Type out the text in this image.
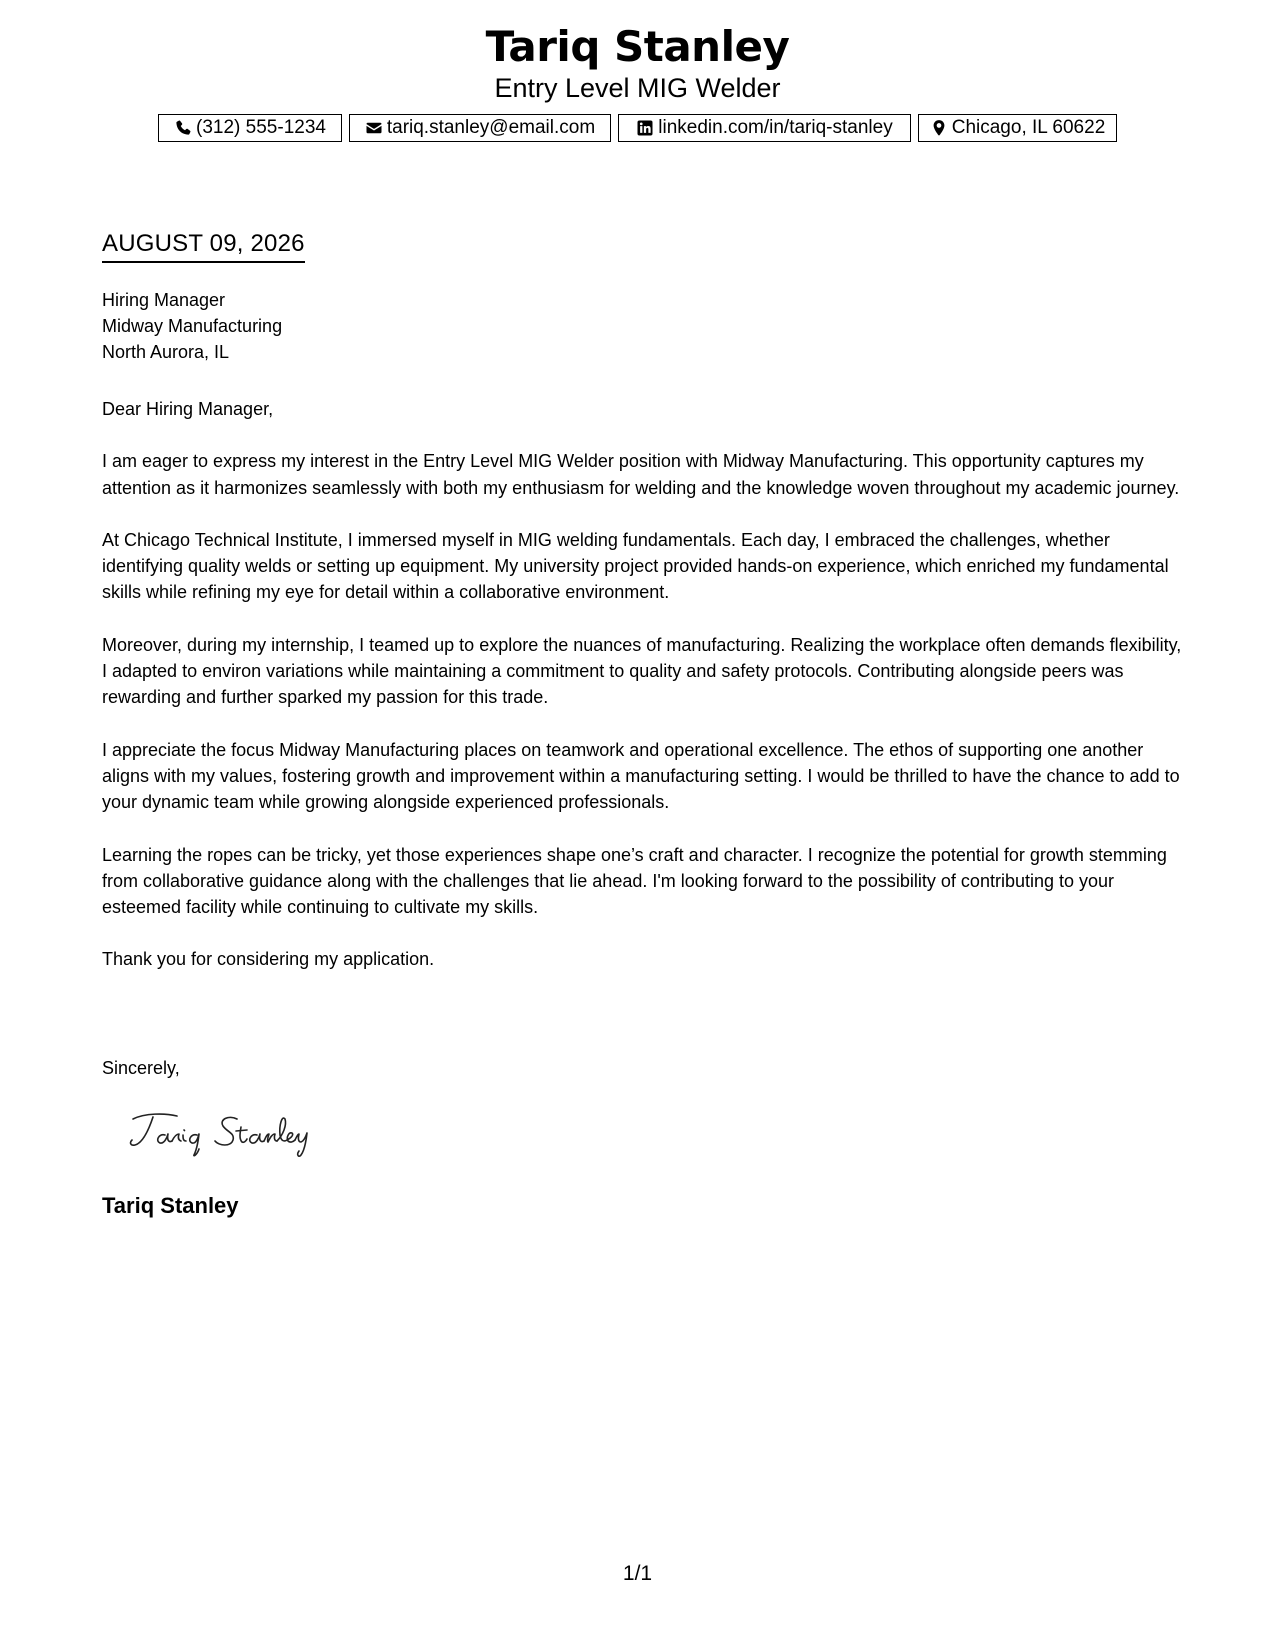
Tariq Stanley
Entry Level MIG Welder
(312) 555-1234	tariq.stanley@email.com	linkedin.com/in/tariq-stanley	Chicago, IL 60622
AUGUST 09, 2026
Hiring Manager
Midway Manufacturing
North Aurora, IL

Dear Hiring Manager,

I am eager to express my interest in the Entry Level MIG Welder position with Midway Manufacturing. This opportunity captures my attention as it harmonizes seamlessly with both my enthusiasm for welding and the knowledge woven throughout my academic journey.

At Chicago Technical Institute, I immersed myself in MIG welding fundamentals. Each day, I embraced the challenges, whether identifying quality welds or setting up equipment. My university project provided hands-on experience, which enriched my fundamental skills while refining my eye for detail within a collaborative environment.

Moreover, during my internship, I teamed up to explore the nuances of manufacturing. Realizing the workplace often demands flexibility, I adapted to environ variations while maintaining a commitment to quality and safety protocols. Contributing alongside peers was rewarding and further sparked my passion for this trade.

I appreciate the focus Midway Manufacturing places on teamwork and operational excellence. The ethos of supporting one another aligns with my values, fostering growth and improvement within a manufacturing setting. I would be thrilled to have the chance to add to your dynamic team while growing alongside experienced professionals.

Learning the ropes can be tricky, yet those experiences shape one’s craft and character. I recognize the potential for growth stemming from collaborative guidance along with the challenges that lie ahead. I'm looking forward to the possibility of contributing to your esteemed facility while continuing to cultivate my skills.

Thank you for considering my application.

Sincerely,
Tariq Stanley
1/1
